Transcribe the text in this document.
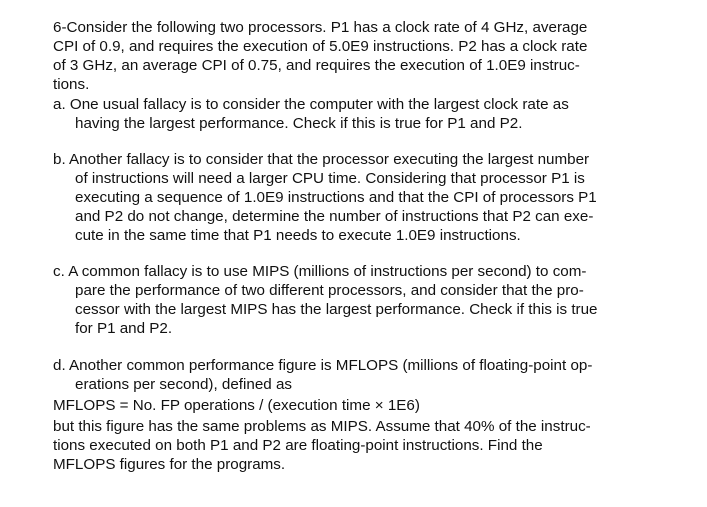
6-Consider the following two processors. P1 has a clock rate of 4 GHz, average
CPI of 0.9, and requires the execution of 5.0E9 instructions. P2 has a clock rate
of 3 GHz, an average CPI of 0.75, and requires the execution of 1.0E9 instruc-
tions.
a. One usual fallacy is to consider the computer with the largest clock rate as
having the largest performance. Check if this is true for P1 and P2.
b. Another fallacy is to consider that the processor executing the largest number
of instructions will need a larger CPU time. Considering that processor P1 is
executing a sequence of 1.0E9 instructions and that the CPI of processors P1
and P2 do not change, determine the number of instructions that P2 can exe-
cute in the same time that P1 needs to execute 1.0E9 instructions.
c. A common fallacy is to use MIPS (millions of instructions per second) to com-
pare the performance of two different processors, and consider that the pro-
cessor with the largest MIPS has the largest performance. Check if this is true
for P1 and P2.
d. Another common performance figure is MFLOPS (millions of floating-point op-
erations per second), defined as
MFLOPS = No. FP operations / (execution time × 1E6)
but this figure has the same problems as MIPS. Assume that 40% of the instruc-
tions executed on both P1 and P2 are floating-point instructions. Find the
MFLOPS figures for the programs.
